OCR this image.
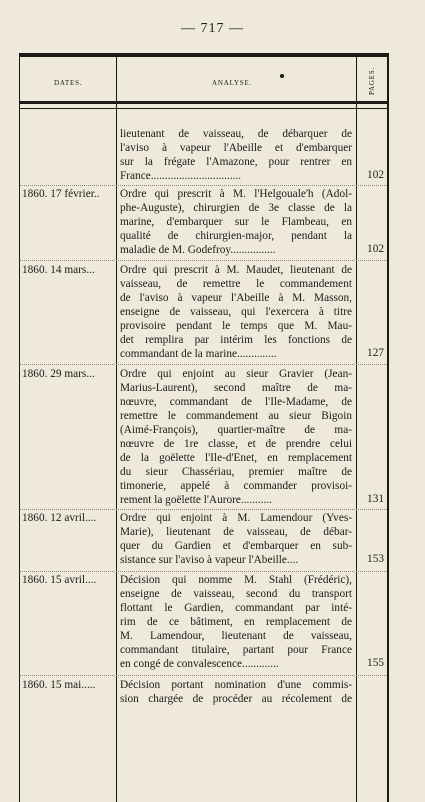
— 717 —
DATES.	ANALYSE.	PAGES.
lieutenant de vaisseau, de débarquer de
l'aviso à vapeur l'Abeille et d'embarquer
sur la frégate l'Amazone, pour rentrer en
France................................	102
1860. 17 février..	Ordre qui prescrit à M. l'Helgouale'h (Adol-
phe-Auguste), chirurgien de 3e classe de la
marine, d'embarquer sur le Flambeau, en
qualité de chirurgien-major, pendant la
maladie de M. Godefroy................	102
1860. 14 mars...	Ordre qui prescrit à M. Maudet, lieutenant de
vaisseau, de remettre le commandement
de l'aviso à vapeur l'Abeille à M. Masson,
enseigne de vaisseau, qui l'exercera à titre
provisoire pendant le temps que M. Mau-
det remplira par intérim les fonctions de
commandant de la marine..............	127
1860. 29 mars...	Ordre qui enjoint au sieur Gravier (Jean-
Marius-Laurent), second maître de ma-
nœuvre, commandant de l'Ile-Madame, de
remettre le commandement au sieur Bigoin
(Aimé-François), quartier-maître de ma-
nœuvre de 1re classe, et de prendre celui
de la goëlette l'Ile-d'Enet, en remplacement
du sieur Chassériau, premier maître de
timonerie, appelé à commander provisoi-
rement la goëlette l'Aurore...........	131
1860. 12 avril....	Ordre qui enjoint à M. Lamendour (Yves-
Marie), lieutenant de vaisseau, de débar-
quer du Gardien et d'embarquer en sub-
sistance sur l'aviso à vapeur l'Abeille....	153
1860. 15 avril....	Décision qui nomme M. Stahl (Frédéric),
enseigne de vaisseau, second du transport
flottant le Gardien, commandant par inté-
rim de ce bâtiment, en remplacement de
M. Lamendour, lieutenant de vaisseau,
commandant titulaire, partant pour France
en congé de convalescence.............	155
1860. 15 mai.....	Décision portant nomination d'une commis-
sion chargée de procéder au récolement de
